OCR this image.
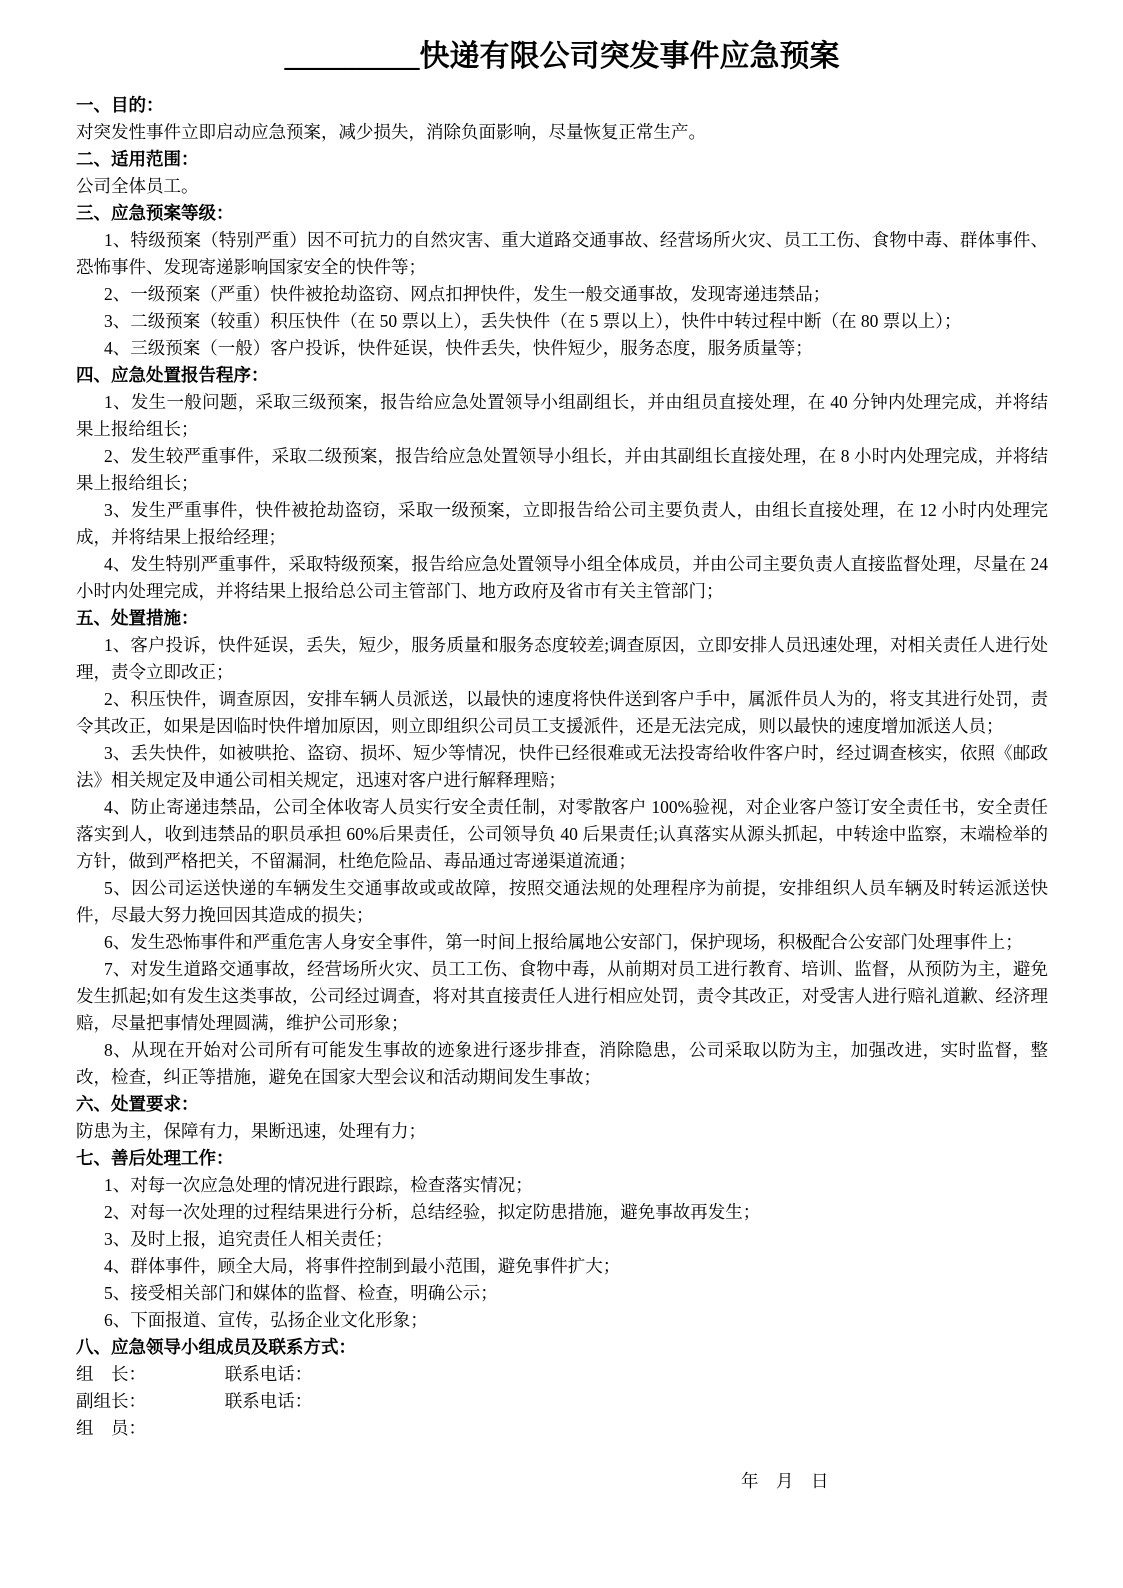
_________快递有限公司突发事件应急预案
一、目的：
对突发性事件立即启动应急预案，减少损失，消除负面影响，尽量恢复正常生产。
二、适用范围：
公司全体员工。
三、应急预案等级：
1、特级预案（特别严重）因不可抗力的自然灾害、重大道路交通事故、经营场所火灾、员工工伤、食物中毒、群体事件、恐怖事件、发现寄递影响国家安全的快件等；
2、一级预案（严重）快件被抢劫盗窃、网点扣押快件，发生一般交通事故，发现寄递违禁品；
3、二级预案（较重）积压快件（在 50 票以上），丢失快件（在 5 票以上），快件中转过程中断（在 80 票以上）；
4、三级预案（一般）客户投诉，快件延误，快件丢失，快件短少，服务态度，服务质量等；
四、应急处置报告程序：
1、发生一般问题，采取三级预案，报告给应急处置领导小组副组长，并由组员直接处理，在 40 分钟内处理完成，并将结果上报给组长；
2、发生较严重事件，采取二级预案，报告给应急处置领导小组长，并由其副组长直接处理，在 8 小时内处理完成，并将结果上报给组长；
3、发生严重事件，快件被抢劫盗窃，采取一级预案，立即报告给公司主要负责人，由组长直接处理，在 12 小时内处理完成，并将结果上报给经理；
4、发生特别严重事件，采取特级预案，报告给应急处置领导小组全体成员，并由公司主要负责人直接监督处理，尽量在 24 小时内处理完成，并将结果上报给总公司主管部门、地方政府及省市有关主管部门；
五、处置措施：
1、客户投诉，快件延误，丢失，短少，服务质量和服务态度较差;调查原因，立即安排人员迅速处理，对相关责任人进行处理，责令立即改正；
2、积压快件，调查原因，安排车辆人员派送，以最快的速度将快件送到客户手中，属派件员人为的，将支其进行处罚，责令其改正，如果是因临时快件增加原因，则立即组织公司员工支援派件，还是无法完成，则以最快的速度增加派送人员；
3、丢失快件，如被哄抢、盗窃、损坏、短少等情况，快件已经很难或无法投寄给收件客户时，经过调查核实，依照《邮政法》相关规定及申通公司相关规定，迅速对客户进行解释理赔；
4、防止寄递违禁品，公司全体收寄人员实行安全责任制，对零散客户 100%验视，对企业客户签订安全责任书，安全责任落实到人，收到违禁品的职员承担 60%后果责任，公司领导负 40 后果责任;认真落实从源头抓起，中转途中监察，末端检举的方针，做到严格把关，不留漏洞，杜绝危险品、毒品通过寄递渠道流通；
5、因公司运送快递的车辆发生交通事故或或故障，按照交通法规的处理程序为前提，安排组织人员车辆及时转运派送快件，尽最大努力挽回因其造成的损失；
6、发生恐怖事件和严重危害人身安全事件，第一时间上报给属地公安部门，保护现场，积极配合公安部门处理事件上；
7、对发生道路交通事故，经营场所火灾、员工工伤、食物中毒，从前期对员工进行教育、培训、监督，从预防为主，避免发生抓起;如有发生这类事故，公司经过调查，将对其直接责任人进行相应处罚，责令其改正，对受害人进行赔礼道歉、经济理赔，尽量把事情处理圆满，维护公司形象；
8、从现在开始对公司所有可能发生事故的迹象进行逐步排查，消除隐患，公司采取以防为主，加强改进，实时监督，整改，检查，纠正等措施，避免在国家大型会议和活动期间发生事故；
六、处置要求：
防患为主，保障有力，果断迅速，处理有力；
七、善后处理工作：
1、对每一次应急处理的情况进行跟踪，检查落实情况；
2、对每一次处理的过程结果进行分析，总结经验，拟定防患措施，避免事故再发生；
3、及时上报，追究责任人相关责任；
4、群体事件，顾全大局，将事件控制到最小范围，避免事件扩大；
5、接受相关部门和媒体的监督、检查，明确公示；
6、下面报道、宣传，弘扬企业文化形象；
八、应急领导小组成员及联系方式：
组　长：　　　　　联系电话：
副组长：　　　　　联系电话：
组　员：
年　月　日
